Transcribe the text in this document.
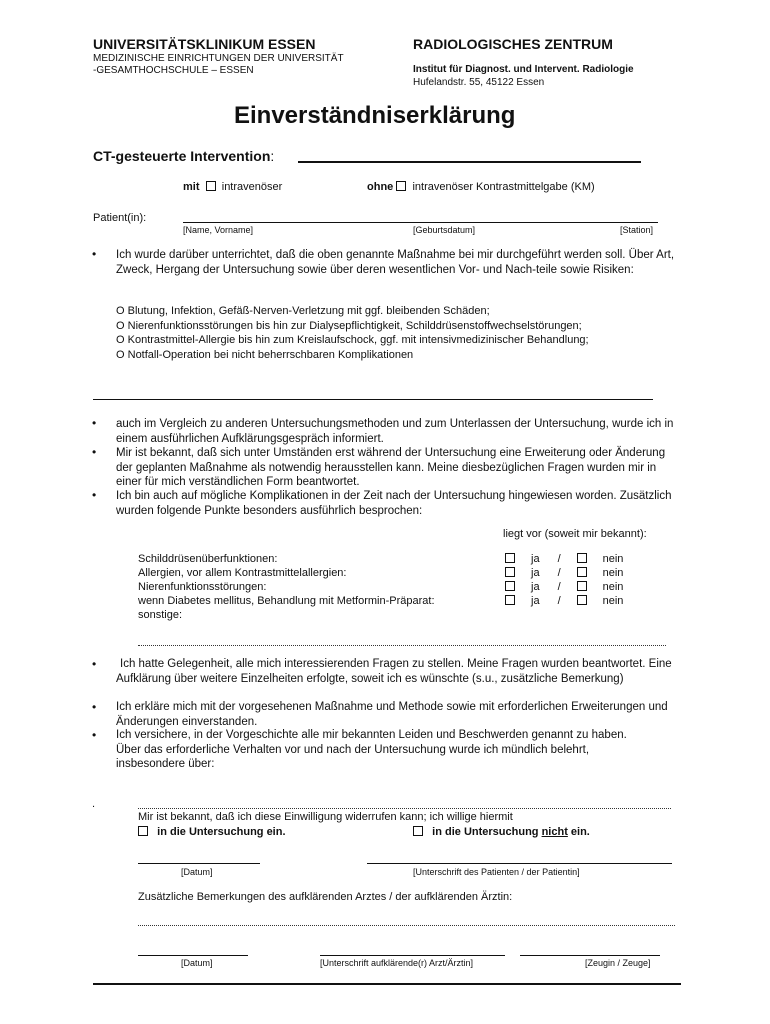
UNIVERSITÄTSKLINIKUM ESSEN
MEDIZINISCHE EINRICHTUNGEN DER UNIVERSITÄT
-GESAMTHOCHSCHULE – ESSEN
RADIOLOGISCHES ZENTRUM
Institut für Diagnost. und Intervent. Radiologie
Hufelandstr. 55, 45122 Essen
Einverständniserklärung
CT-gesteuerte Intervention:
mit intravenöser	ohne intravenöser Kontrastmittelgabe (KM)
Patient(in):
[Name, Vorname]	[Geburtsdatum]	[Station]
• Ich wurde darüber unterrichtet, daß die oben genannte Maßnahme bei mir durchgeführt werden soll. Über Art, Zweck, Hergang der Untersuchung sowie über deren wesentlichen Vor- und Nach-teile sowie Risiken:
O Blutung, Infektion, Gefäß-Nerven-Verletzung mit ggf. bleibenden Schäden;
O Nierenfunktionsstörungen bis hin zur Dialysepflichtigkeit, Schilddrüsenstoffwechselstörungen;
O Kontrastmittel-Allergie bis hin zum Kreislaufschock, ggf. mit intensivmedizinischer Behandlung;
O Notfall-Operation bei nicht beherrschbaren Komplikationen
• auch im Vergleich zu anderen Untersuchungsmethoden und zum Unterlassen der Untersuchung, wurde ich in einem ausführlichen Aufklärungsgespräch informiert.
• Mir ist bekannt, daß sich unter Umständen erst während der Untersuchung eine Erweiterung oder Änderung der geplanten Maßnahme als notwendig herausstellen kann. Meine diesbezüglichen Fragen wurden mir in einer für mich verständlichen Form beantwortet.
• Ich bin auch auf mögliche Komplikationen in der Zeit nach der Untersuchung hingewiesen worden. Zusätzlich wurden folgende Punkte besonders ausführlich besprochen:
liegt vor (soweit mir bekannt):
Schilddrüsenüberfunktionen:	ja /	nein
Allergien, vor allem Kontrastmittelallergien:	ja /	nein
Nierenfunktionsstörungen:	ja /	nein
wenn Diabetes mellitus, Behandlung mit Metformin-Präparat:	ja /	nein
sonstige:
•	Ich hatte Gelegenheit, alle mich interessierenden Fragen zu stellen. Meine Fragen wurden beantwortet. Eine Aufklärung über weitere Einzelheiten erfolgte, soweit ich es wünschte (s.u., zusätzliche Bemerkung)
• Ich erkläre mich mit der vorgesehenen Maßnahme und Methode sowie mit erforderlichen Erweiterungen und Änderungen einverstanden.
• Ich versichere, in der Vorgeschichte alle mir bekannten Leiden und Beschwerden genannt zu haben.
Über das erforderliche Verhalten vor und nach der Untersuchung wurde ich mündlich belehrt, insbesondere über:
.
Mir ist bekannt, daß ich diese Einwilligung widerrufen kann; ich willige hiermit
in die Untersuchung ein.	in die Untersuchung nicht ein.
[Datum]	[Unterschrift des Patienten / der Patientin]
Zusätzliche Bemerkungen des aufklärenden Arztes / der aufklärenden Ärztin:
[Datum]	[Unterschrift aufklärende(r) Arzt/Ärztin]	[Zeugin / Zeuge]
